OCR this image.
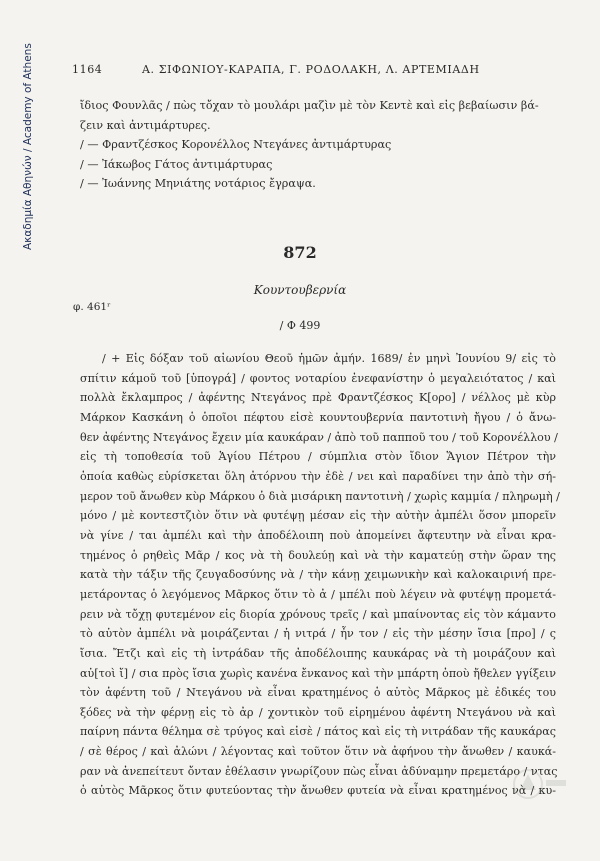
Ακαδημία Αθηνών / Academy of Athens	1164	Α. ΣΙΦΩΝΙΟΥ-ΚΑΡΑΠΑ, Γ. ΡΟΔΟΛΑΚΗ, Λ. ΑΡΤΕΜΙΑΔΗ
ἴδιος Φουνλᾶς / πὼς τὄχαν τὸ μουλάρι μαζὶν μὲ τὸν Κεντὲ καὶ εἰς βεβαίωσιν βά-
ζειν καὶ ἀντιμάρτυρες.
/ — Φραντζέσκος Κορονέλλος Ντεγάνες ἀντιμάρτυρας
/ — Ἰάκωβος Γάτος ἀντιμάρτυρας
/ — Ἰωάννης Μηνιάτης νοτάριος ἔγραψα.
872
Κουντουβερνία
φ. 461ʳ
/ Φ 499
/ + Εἰς δόξαν τοῦ αἰωνίου Θεοῦ ἡμῶν ἀμήν. 1689/ ἐν μηνὶ Ἰουνίου 9/ εἰς τὸ
σπίτιν κάμοῦ τοῦ [ὑπογρά] / φοντος νοταρίου ἐνεφανίστην ὁ μεγαλειότατος / καὶ
πολλὰ ἔκλαμπρος / ἀφέντης Ντεγάνος πρὲ Φραντζέσκος Κ[ορο] / νέλλος μὲ κὺρ
Μάρκον Κασκάνη ὁ ὁποῖοι πέφτου εἰσὲ κουντουβερνία παντοτινὴ ἤγου / ὁ ἄνω-
θεν ἀφέντης Ντεγάνος ἔχειν μία καυκάραν / ἀπὸ τοῦ παπποῦ του / τοῦ Κορονέλλου /
εἰς τὴ τοποθεσία τοῦ Ἁγίου Πέτρου / σύμπλια στὸν ἴδιον Ἅγιον Πέτρον τὴν
ὁποία καθὼς εὑρίσκεται ὅλη ἀτόρνου τὴν ἐδὲ / νει καὶ παραδίνει την ἀπὸ τὴν σή-
μερον τοῦ ἄνωθεν κὺρ Μάρκου ὁ διὰ μισάρικη παντοτινὴ / χωρὶς καμμία / πληρωμὴ /
μόνο / μὲ κοντεστζιὸν ὅτιν νὰ φυτέψῃ μέσαν εἰς τὴν αὐτὴν ἀμπέλι ὅσον μπορεῖν
νὰ γίνε / ται ἀμπέλι καὶ τὴν ἀποδέλοιπη ποὺ ἀπομείνει ἄφτευτην νὰ εἶναι κρα-
τημένος ὁ ρηθεὶς Μᾶρ / κος νὰ τὴ δουλεύῃ καὶ νὰ τὴν καματεύῃ στὴν ὥραν της
κατὰ τὴν τάξιν τῆς ζευγαδοσύνης νὰ / τὴν κάνῃ χειμωνικὴν καὶ καλοκαιρινή πρε-
μετάροντας ὁ λεγόμενος Μᾶρκος ὅτιν τὸ ἀ / μπέλι ποὺ λέγειν νὰ φυτέψῃ προμετά-
ρειν νὰ τὄχῃ φυτεμένον εἰς διορία χρόνους τρεῖς / καὶ μπαίνοντας εἰς τὸν κάμαντο
τὸ αὐτὸν ἀμπέλι νὰ μοιράζενται / ἡ νιτρά / ἦν τον / εἰς τὴν μέσην ἴσια [προ] / ς
ἴσια. Ἔτζι καὶ εἰς τὴ ἰντράδαν τῆς ἀποδέλοιπης καυκάρας νὰ τὴ μοιράζουν καὶ
αὐ[τοὶ ἴ] / σια πρὸς ἴσια χωρὶς κανένα ἔνκανος καὶ τὴν μπάρτη ὁποὺ ἤθελεν γγίξειν
τὸν ἀφέντη τοῦ / Ντεγάνου νὰ εἶναι κρατημένος ὁ αὐτὸς Μᾶρκος μὲ ἐδικές του
ξόδες νὰ τὴν φέρνῃ εἰς τὸ ἀρ / χοντικὸν τοῦ εἰρημένου ἀφέντη Ντεγάνου νὰ καὶ
παίρνη πάντα θέλημα σὲ τρύγος καὶ εἰσὲ / πάτος καὶ εἰς τὴ νιτράδαν τῆς καυκάρας
/ σὲ θέρος / καὶ ἀλώνι / λέγοντας καὶ τοῦτον ὅτιν νὰ ἀφήνου τὴν ἄνωθεν / καυκά-
ραν νὰ ἀνεπείτευτ ὄνταν ἐθέλασιν γνωρίζουν πὼς εἶναι ἀδύναμην πρεμετάρο / ντας
ὁ αὐτὸς Μᾶρκος ὅτιν φυτεύοντας τὴν ἄνωθεν φυτεία νὰ εἶναι κρατημένος νὰ / κυ-
